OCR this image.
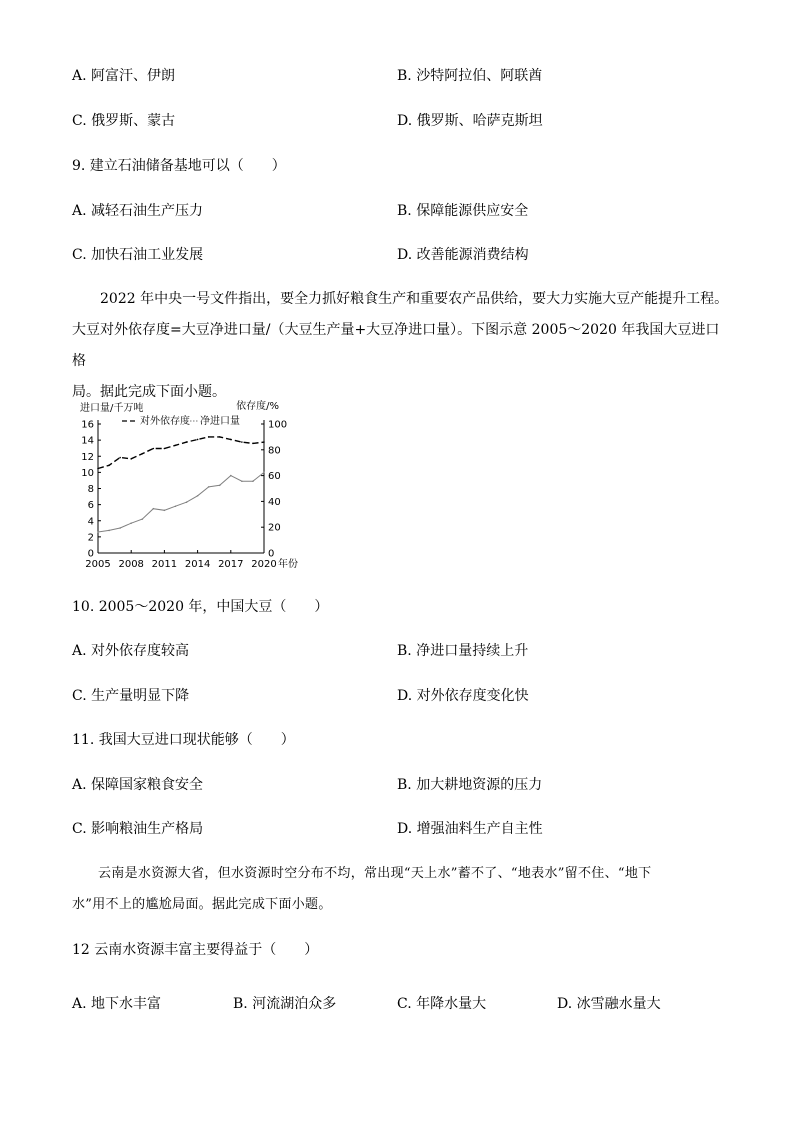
A. 阿富汗、伊朗	B. 沙特阿拉伯、阿联酋
C. 俄罗斯、蒙古	D. 俄罗斯、哈萨克斯坦
9. 建立石油储备基地可以（　　）
A. 减轻石油生产压力	B. 保障能源供应安全
C. 加快石油工业发展	D. 改善能源消费结构

2022 年中央一号文件指出，要全力抓好粮食生产和重要农产品供给，要大力实施大豆产能提升工程。

大豆对外依存度=大豆净进口量/（大豆生产量+大豆净进口量）。下图示意 2005～2020 年我国大豆进口格

局。据此完成下面小题。

0
2
4
6
8
10
12
14
16
0
20
40
60
80
100
2005 2008 2011 2014 2017 2020 年份
进口量/千万吨	依存度/%
对外依存度 净进口量
10. 2005～2020 年，中国大豆（　　）
A. 对外依存度较高	B. 净进口量持续上升
C. 生产量明显下降	D. 对外依存度变化快
11. 我国大豆进口现状能够（　　）
A. 保障国家粮食安全	B. 加大耕地资源的压力
C. 影响粮油生产格局	D. 增强油料生产自主性

云南是水资源大省，但水资源时空分布不均，常出现“天上水”蓄不了、“地表水”留不住、“地下

水”用不上的尴尬局面。据此完成下面小题。

12 云南水资源丰富主要得益于（　　）
A. 地下水丰富	B. 河流湖泊众多	C. 年降水量大	D. 冰雪融水量大
